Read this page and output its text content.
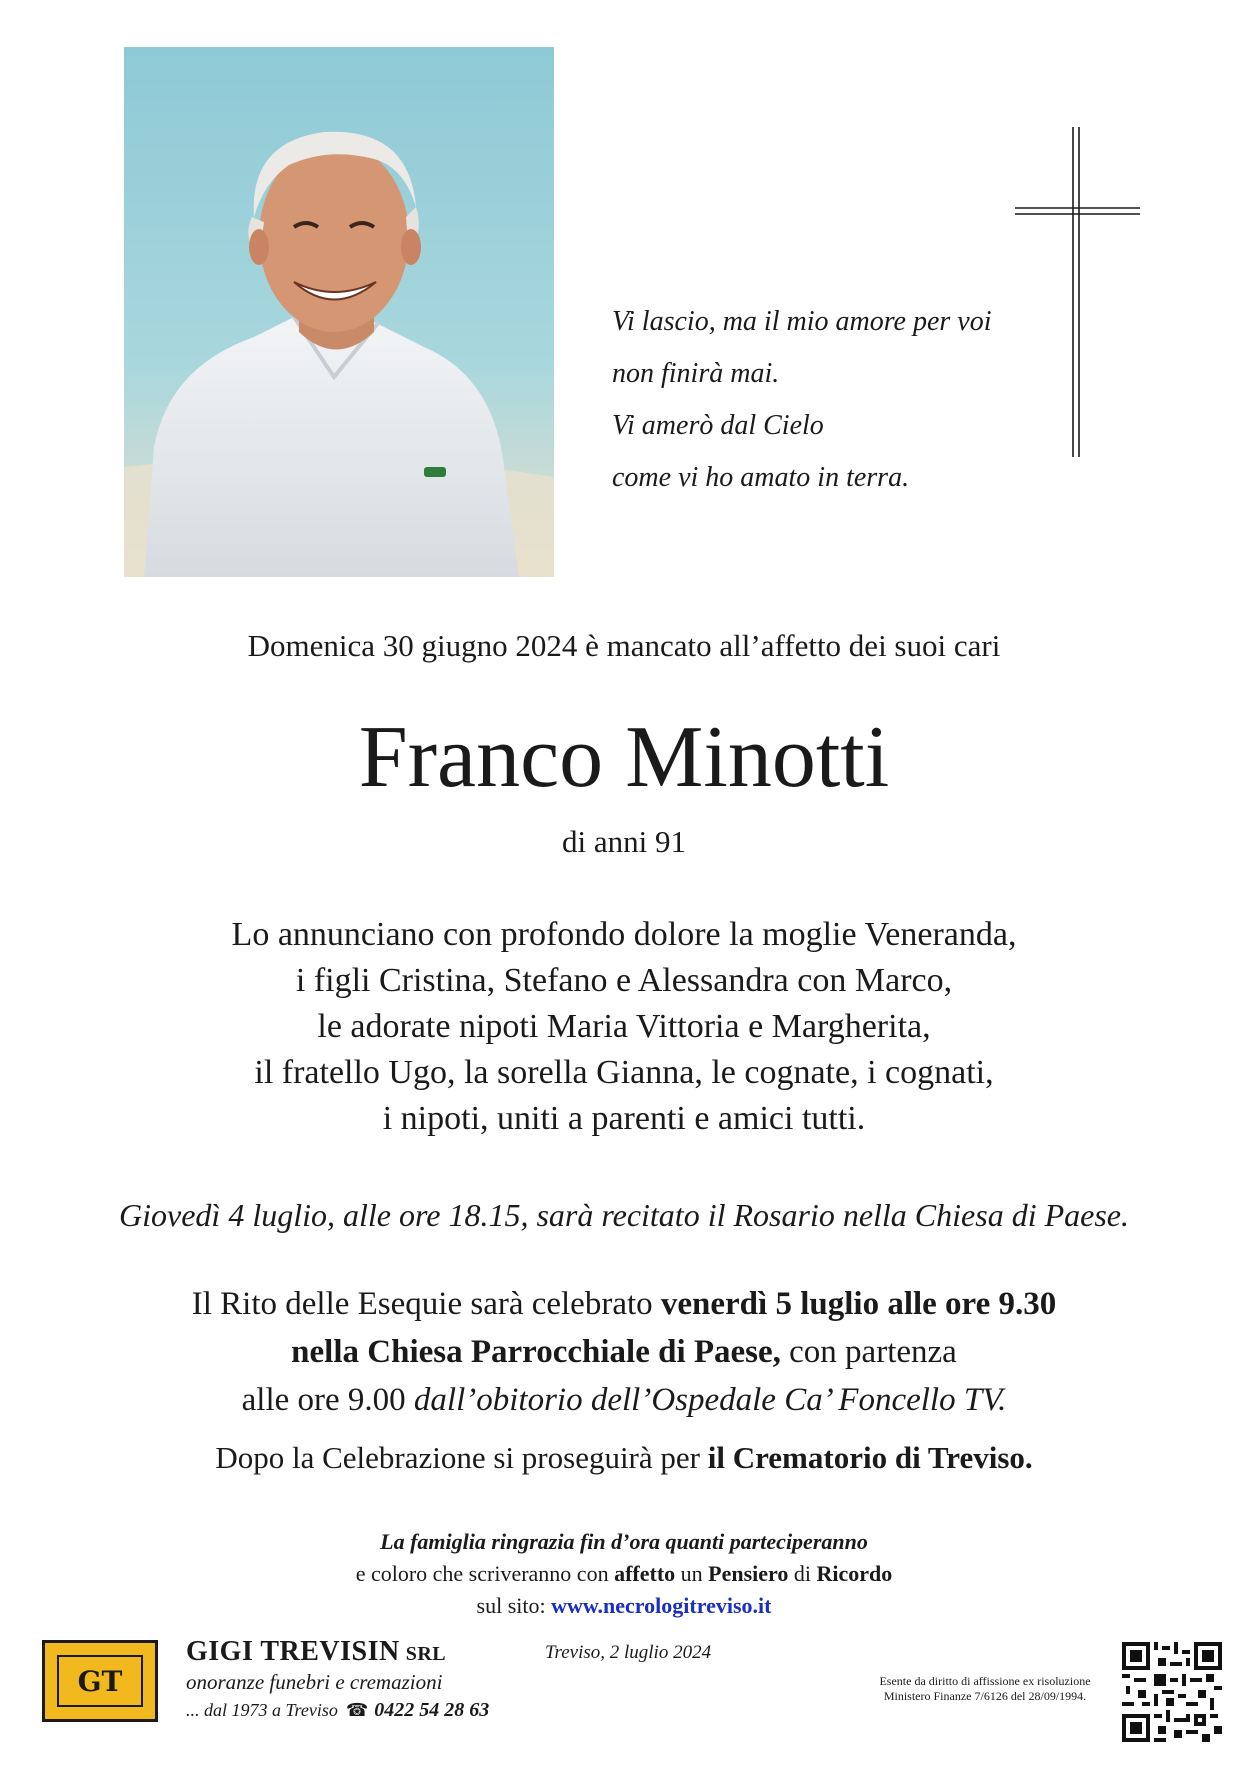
Vi lascio, ma il mio amore per voi
non finirà mai.
Vi amerò dal Cielo
come vi ho amato in terra.
Domenica 30 giugno 2024 è mancato all’affetto dei suoi cari
Franco Minotti
di anni 91
Lo annunciano con profondo dolore la moglie Veneranda,
i figli Cristina, Stefano e Alessandra con Marco,
le adorate nipoti Maria Vittoria e Margherita,
il fratello Ugo, la sorella Gianna, le cognate, i cognati,
i nipoti, uniti a parenti e amici tutti.
Giovedì 4 luglio, alle ore 18.15, sarà recitato il Rosario nella Chiesa di Paese.
Il Rito delle Esequie sarà celebrato venerdì 5 luglio alle ore 9.30
nella Chiesa Parrocchiale di Paese, con partenza
alle ore 9.00 dall’obitorio dell’Ospedale Ca’ Foncello TV.
Dopo la Celebrazione si proseguirà per il Crematorio di Treviso.
La famiglia ringrazia fin d’ora quanti parteciperanno
e coloro che scriveranno con affetto un Pensiero di Ricordo
sul sito: www.necrologitreviso.it
GT
GIGI TREVISIN SRL
onoranze funebri e cremazioni
... dal 1973 a Treviso ☎ 0422 54 28 63
Treviso, 2 luglio 2024
Esente da diritto di affissione ex risoluzione
Ministero Finanze 7/6126 del 28/09/1994.
